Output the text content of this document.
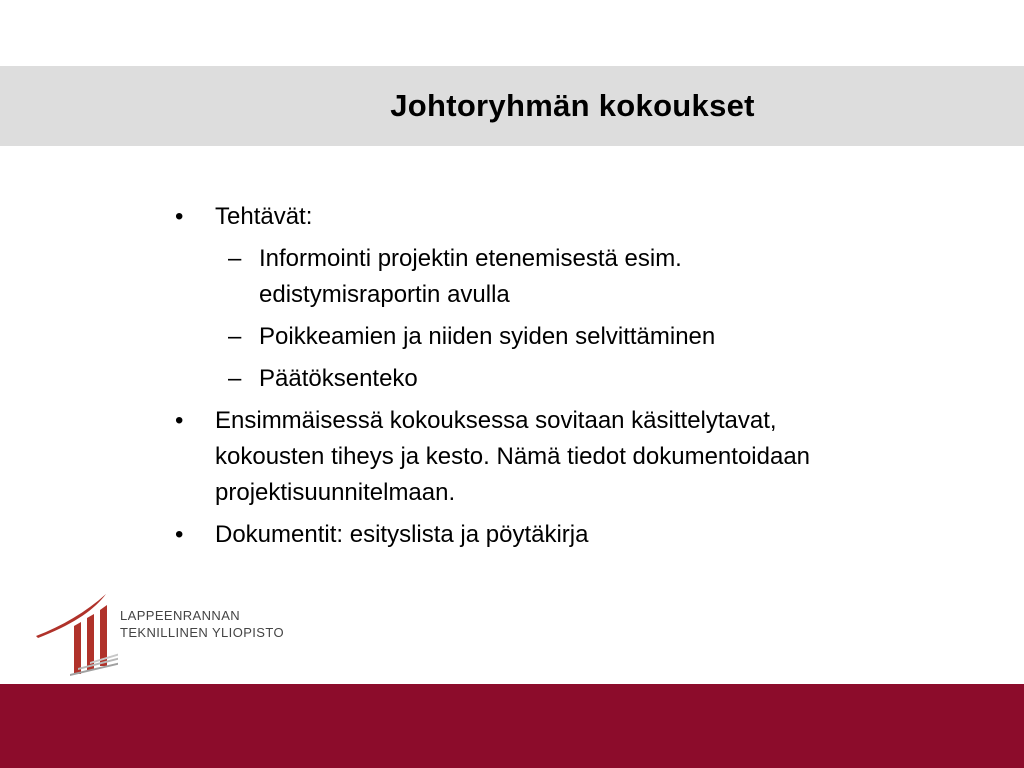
Johtoryhmän kokoukset
• Tehtävät:
– Informointi projektin etenemisestä esim.
edistymisraportin avulla
– Poikkeamien ja niiden syiden selvittäminen
– Päätöksenteko
• Ensimmäisessä kokouksessa sovitaan käsittelytavat,
kokousten tiheys ja kesto. Nämä tiedot dokumentoidaan
projektisuunnitelmaan.
• Dokumentit: esityslista ja pöytäkirja
LAPPEENRANNAN
TEKNILLINEN YLIOPISTO
